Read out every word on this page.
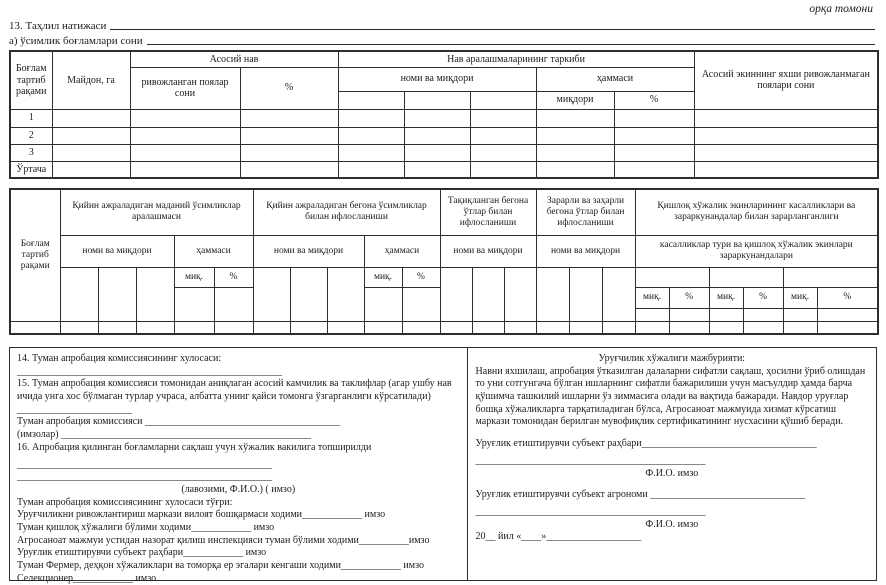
орқа томони
13. Таҳлил натижаси
а) ўсимлик боғламлари сони
Боғлам тартиб рақами	Майдон, га	Асосий нав		Нав аралашмаларининг таркиби					Асосий экиннинг яхши ривожланмаган поялари сони
		ривожланган поялар сони	%	номи ва миқдори			ҳаммаси		
							миқдори	%	
1									
2									
3									
Ўртача									
Боғлам тартиб рақами	Қийин ажраладиган маданий ўсимликлар аралашмаси					Қийин ажраладиган бегона ўсимликлар билан ифлосланиши					Тақиқланган бегона ўтлар билан ифлосланиши			Зарарли ва заҳарли бегона ўтлар билан ифлосланиши			Қишлоқ хўжалик экинларининг касалликлари ва зараркунандалар билан зарарланганлиги					
	номи ва миқдори			ҳаммаси		номи ва миқдори			ҳаммаси		номи ва миқдори			номи ва миқдори			касалликлар тури ва қишлоқ хўжалик экинлари зараркунандалари					
				миқ.	%				миқ.	%												
																	миқ.	%	миқ.	%	миқ.	%

14. Туман апробация комиссиясининг хулосаси:
_____________________________________________________
15. Туман апробация комиссияси томонидан аниқлаган асосий камчилик ва таклифлар (агар ушбу нав ичида унга хос бўлмаган турлар учраса, албатта унинг қайси томонга ўзгарганлиги кўрсатилади) _______________________
Туман апробация комиссияси _______________________________________
(имзолар) __________________________________________________
16. Апробация қилинган боғламларни сақлаш учун хўжалик вакилига топширилди
___________________________________________________
___________________________________________________
(лавозими, Ф.И.О.) ( имзо)
Туман апробация комиссиясининг хулосаси тўғри:
Уруғчиликни ривожлантириш маркази вилоят бошқармаси ходими____________ имзо
Туман қишлоқ хўжалиги бўлими ходими____________ имзо
Агросаноат мажмуи устидан назорат қилиш инспекцияси туман бўлими ходими__________имзо
Уруғлик етиштирувчи субъект раҳбари____________ имзо
Туман Фермер, деҳқон хўжаликлари ва томорқа ер эгалари кенгаши ходими____________ имзо
Селекционер____________ имзо
Уруғчилик хўжалиги мажбурияти:
Навни яхшилаш, апробация ўтказилган далаларни сифатли сақлаш, ҳосилни ўриб олишдан то уни сотгунгача бўлган ишларнинг сифатли бажарилиши учун масъулдир ҳамда барча қўшимча ташкилий ишларни ўз зиммасига олади ва вақтида бажаради. Навдор уруғлар бошқа хўжаликларга тарқатиладиган бўлса, Агросаноат мажмуида хизмат кўрсатиш маркази томонидан берилган мувофиқлик сертификатининг нусхасини қўшиб беради.
Уруғлик етиштирувчи субъект раҳбари___________________________________
______________________________________________
Ф.И.О. имзо
Уруғлик етиштирувчи субъект агрономи _______________________________
______________________________________________
Ф.И.О. имзо
20__ йил «____»___________________
